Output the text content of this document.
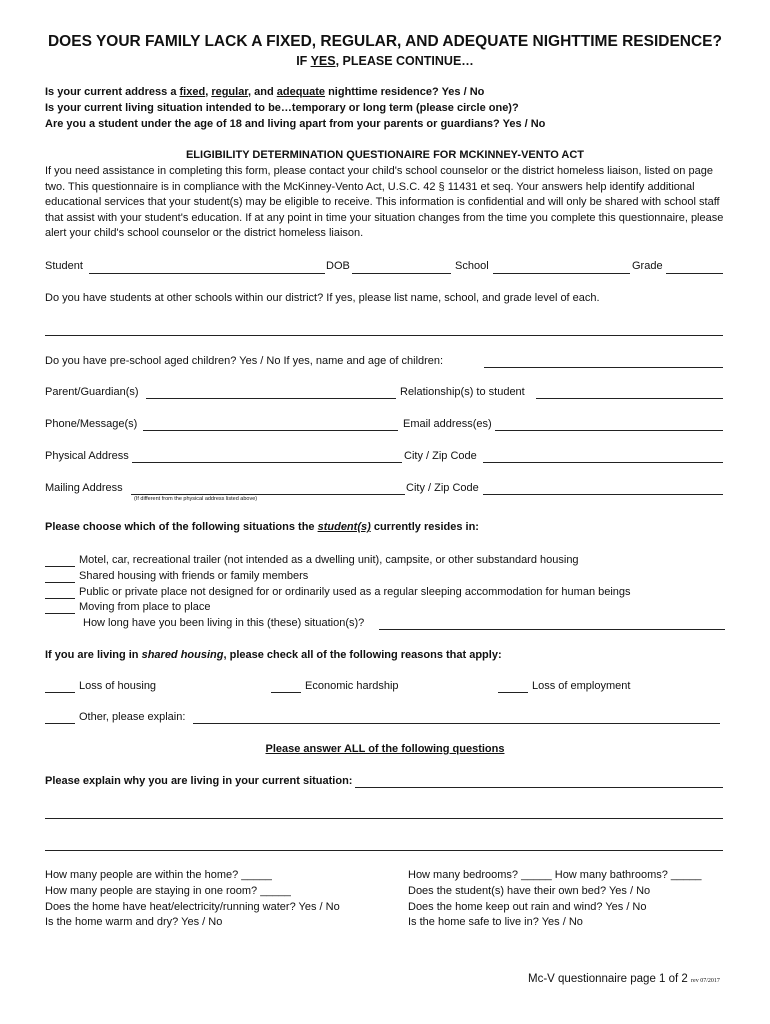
DOES YOUR FAMILY LACK A FIXED, REGULAR, AND ADEQUATE NIGHTTIME RESIDENCE?
IF YES, PLEASE CONTINUE…
Is your current address a fixed, regular, and adequate nighttime residence? Yes / No
Is your current living situation intended to be…temporary or long term (please circle one)?
Are you a student under the age of 18 and living apart from your parents or guardians? Yes / No
ELIGIBILITY DETERMINATION QUESTIONAIRE FOR MCKINNEY-VENTO ACT
If you need assistance in completing this form, please contact your child's school counselor or the district homeless liaison, listed on page two. This questionnaire is in compliance with the McKinney-Vento Act, U.S.C. 42 § 11431 et seq. Your answers help identify additional educational services that your student(s) may be eligible to receive. This information is confidential and will only be shared with school staff that assist with your student's education. If at any point in time your situation changes from the time you complete this questionnaire, please alert your child's school counselor or the district homeless liaison.
Student	DOB	School	Grade
Do you have students at other schools within our district? If yes, please list name, school, and grade level of each.
Do you have pre-school aged children? Yes / No If yes, name and age of children:
Parent/Guardian(s)	Relationship(s) to student
Phone/Message(s)	Email address(es)
Physical Address	City / Zip Code
Mailing Address	City / Zip Code
(If different from the physical address listed above)
Please choose which of the following situations the student(s) currently resides in:
Motel, car, recreational trailer (not intended as a dwelling unit), campsite, or other substandard housing
Shared housing with friends or family members
Public or private place not designed for or ordinarily used as a regular sleeping accommodation for human beings
Moving from place to place
How long have you been living in this (these) situation(s)?
If you are living in shared housing, please check all of the following reasons that apply:
Loss of housing	Economic hardship	Loss of employment
Other, please explain:
Please answer ALL of the following questions
Please explain why you are living in your current situation:
How many people are within the home? _____
How many people are staying in one room? _____
Does the home have heat/electricity/running water? Yes / No
Is the home warm and dry? Yes / No
How many bedrooms? _____ How many bathrooms? _____
Does the student(s) have their own bed? Yes / No
Does the home keep out rain and wind? Yes / No
Is the home safe to live in? Yes / No
Mc-V questionnaire page 1 of 2 rev 07/2017
